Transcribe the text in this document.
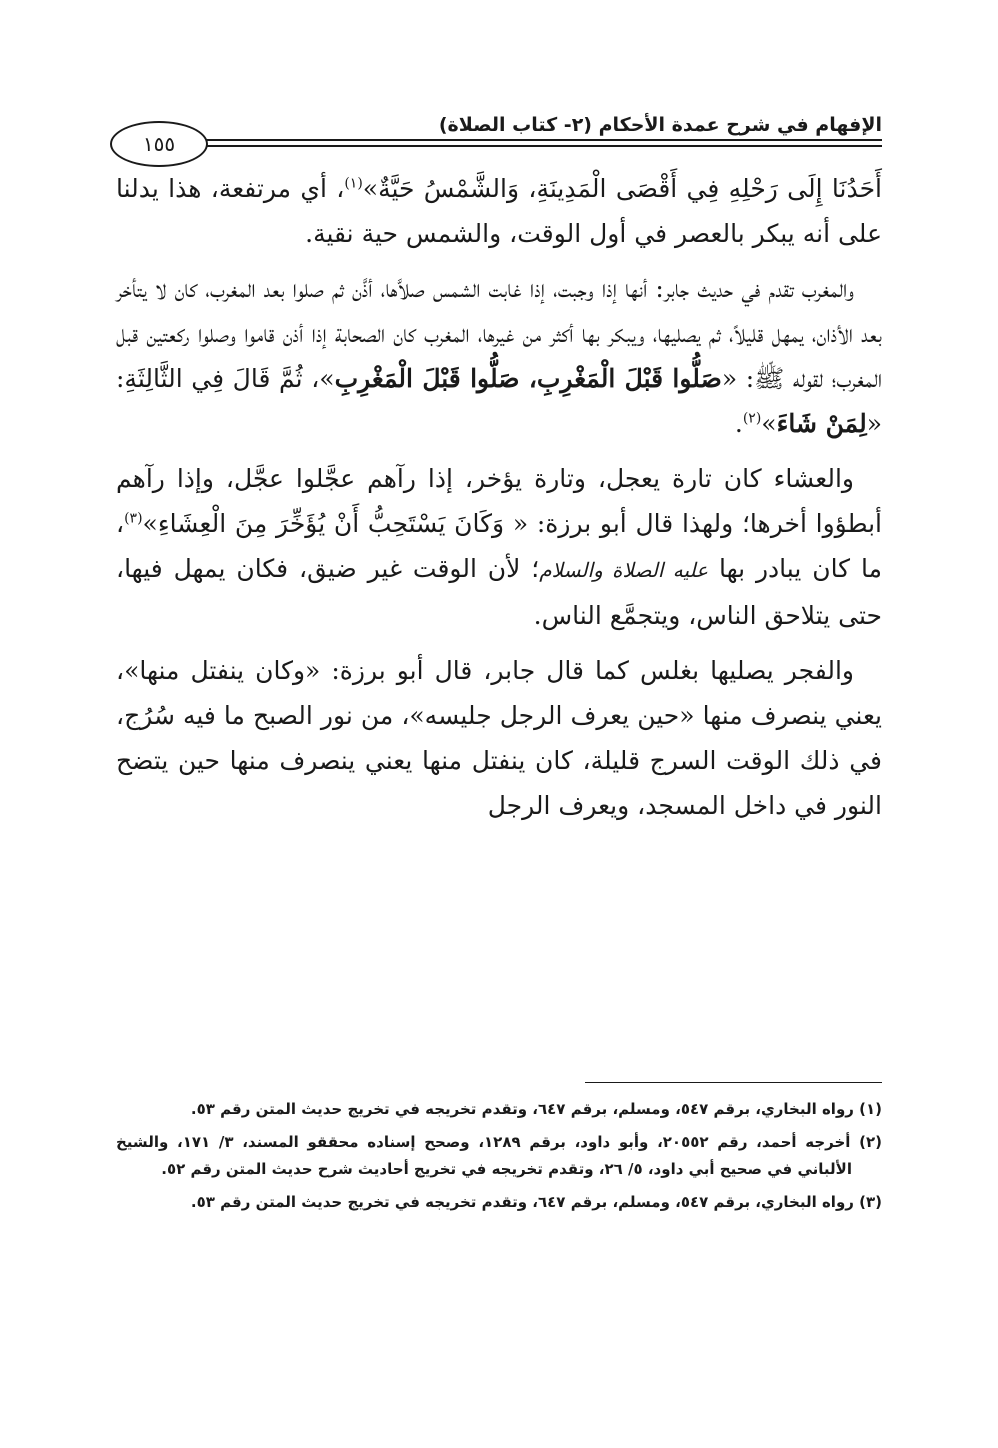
الإفهام في شرح عمدة الأحكام (٢- كتاب الصلاة)
١٥٥

أَحَدُنَا إِلَى رَحْلِهِ فِي أَقْصَى الْمَدِينَةِ، وَالشَّمْسُ حَيَّةٌ»$^{(١)}$، أي مرتفعة، هذا يدلنا على أنه يبكر بالعصر في أول الوقت، والشمس حية نقية.

والمغرب تقدم في حديث جابر: أنها إذا وجبت، إذا غابت الشمس صلاَّها، أذَّن ثم صلوا بعد المغرب، كان لا يتأخر بعد الأذان، يمهل قليلاً، ثم يصليها، ويبكر بها أكثر من غيرها، المغرب كان الصحابة إذا أذن قاموا وصلوا ركعتين قبل المغرب؛ لقوله ﷺ: «صَلُّوا قَبْلَ الْمَغْرِبِ، صَلُّوا قَبْلَ الْمَغْرِبِ»، ثُمَّ قَالَ فِي الثَّالِثَةِ: «لِمَنْ شَاءَ»$^{(٢)}$.

والعشاء كان تارة يعجل، وتارة يؤخر، إذا رآهم عجَّلوا عجَّل، وإذا رآهم أبطؤوا أخرها؛ ولهذا قال أبو برزة: « وَكَانَ يَسْتَحِبُّ أَنْ يُؤَخِّرَ مِنَ الْعِشَاءِ»$^{(٣)}$، ما كان يبادر بها عليه الصلاة والسلام؛ لأن الوقت غير ضيق، فكان يمهل فيها، حتى يتلاحق الناس، ويتجمَّع الناس.

والفجر يصليها بغلس كما قال جابر، قال أبو برزة: «وكان ينفتل منها»، يعني ينصرف منها «حين يعرف الرجل جليسه»، من نور الصبح ما فيه سُرُج، في ذلك الوقت السرج قليلة، كان ينفتل منها يعني ينصرف منها حين يتضح النور في داخل المسجد، ويعرف الرجل

(١) رواه البخاري، برقم ٥٤٧، ومسلم، برقم ٦٤٧، وتقدم تخريجه في تخريج حديث المتن رقم ٥٣.
(٢) أخرجه أحمد، رقم ٢٠٥٥٢، وأبو داود، برقم ١٢٨٩، وصحح إسناده محققو المسند، ٣/ ١٧١، والشيخ الألباني في صحيح أبي داود، ٥/ ٢٦، وتقدم تخريجه في تخريج أحاديث شرح حديث المتن رقم ٥٢.
(٣) رواه البخاري، برقم ٥٤٧، ومسلم، برقم ٦٤٧، وتقدم تخريجه في تخريج حديث المتن رقم ٥٣.
